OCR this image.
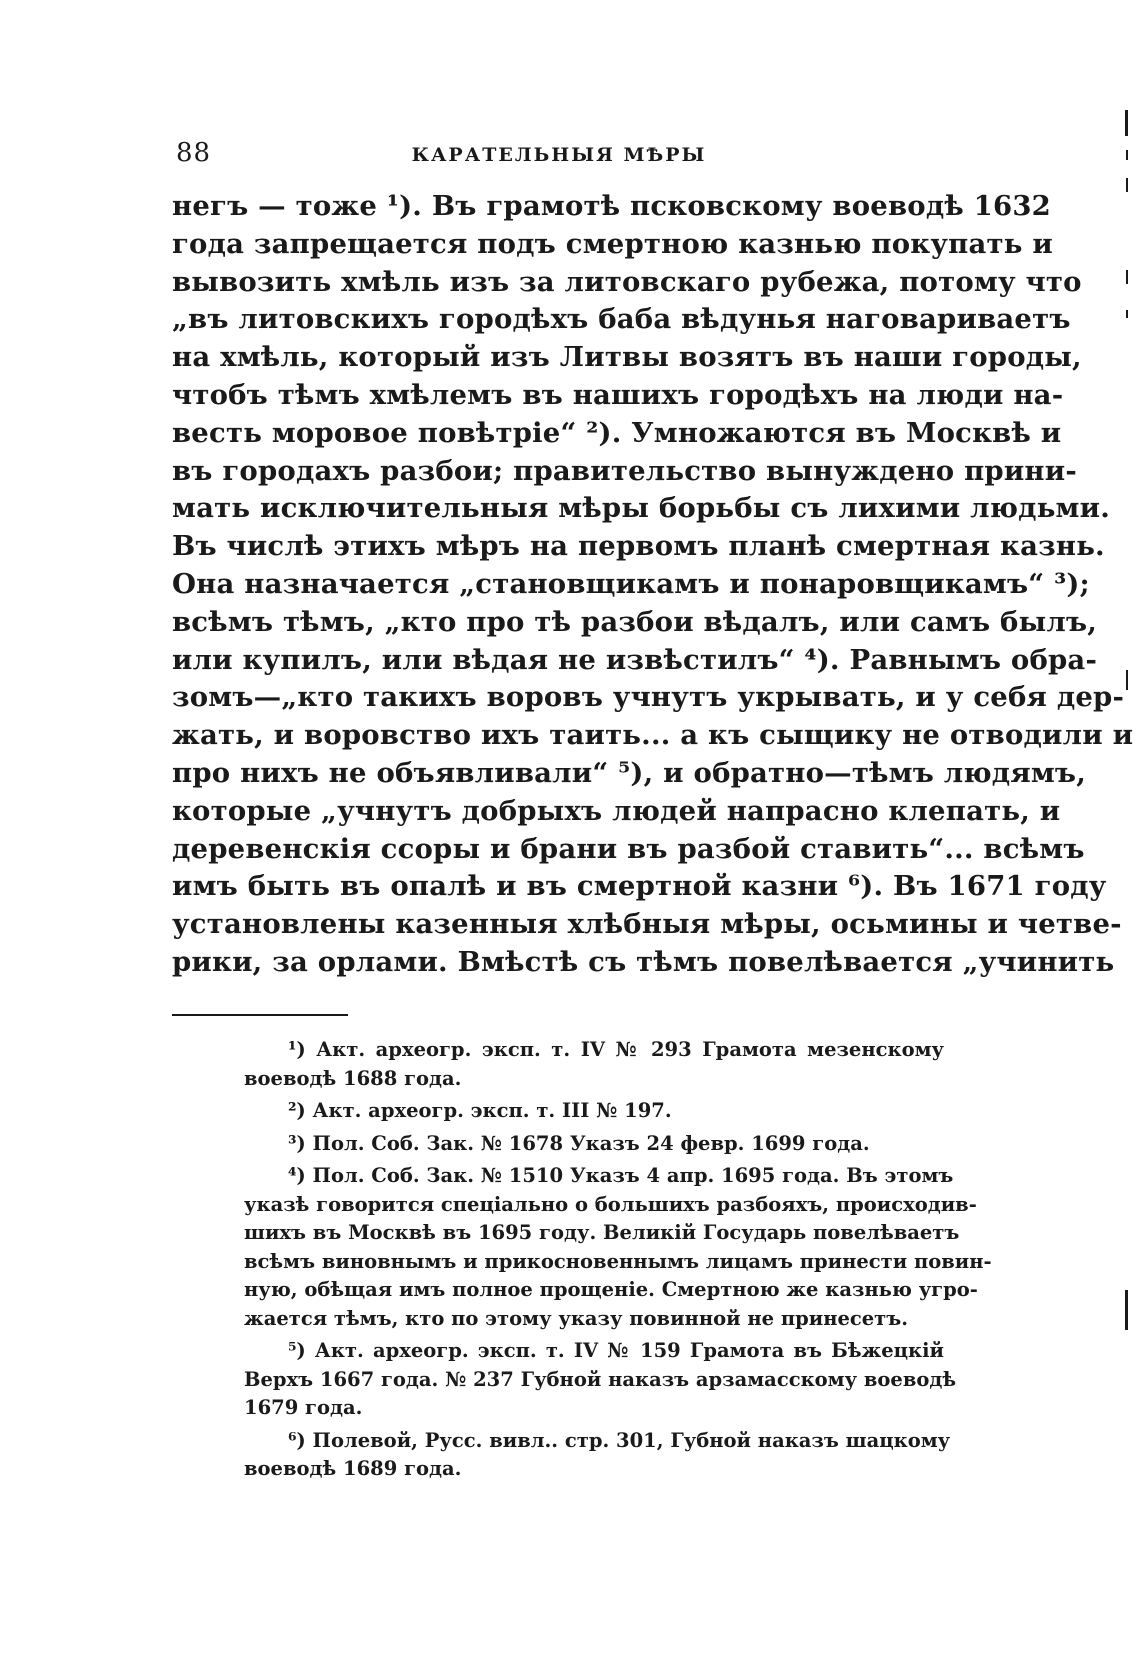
88	КАРАТЕЛЬНЫЯ МѢРЫ
негъ — тоже ¹). Въ грамотѣ псковскому воеводѣ 1632
года запрещается подъ смертною казнью покупать и
вывозить хмѣль изъ за литовскаго рубежа, потому что
„въ литовскихъ городѣхъ баба вѣдунья наговариваетъ
на хмѣль, который изъ Литвы возятъ въ наши городы,
чтобъ тѣмъ хмѣлемъ въ нашихъ городѣхъ на люди на-
весть моровое повѣтріе“ ²). Умножаются въ Москвѣ и
въ городахъ разбои; правительство вынуждено прини-
мать исключительныя мѣры борьбы съ лихими людьми.
Въ числѣ этихъ мѣръ на первомъ планѣ смертная казнь.
Она назначается „становщикамъ и понаровщикамъ“ ³);
всѣмъ тѣмъ, „кто про тѣ разбои вѣдалъ, или самъ былъ,
или купилъ, или вѣдая не извѣстилъ“ ⁴). Равнымъ обра-
зомъ—„кто такихъ воровъ учнутъ укрывать, и у себя дер-
жать, и воровство ихъ таить... а къ сыщику не отводили и
про нихъ не объявливали“ ⁵), и обратно—тѣмъ людямъ,
которые „учнутъ добрыхъ людей напрасно клепать, и
деревенскія ссоры и брани въ разбой ставить“... всѣмъ
имъ быть въ опалѣ и въ смертной казни ⁶). Въ 1671 году
установлены казенныя хлѣбныя мѣры, осьмины и четве-
рики, за орлами. Вмѣстѣ съ тѣмъ повелѣвается „учинить
¹) Акт. археогр. эксп. т. IV № 293 Грамота мезенскому
воеводѣ 1688 года.
²) Акт. археогр. эксп. т. III № 197.
³) Пол. Соб. Зак. № 1678 Указъ 24 февр. 1699 года.
⁴) Пол. Соб. Зак. № 1510 Указъ 4 апр. 1695 года. Въ этомъ
указѣ говорится спеціально о большихъ разбояхъ, происходив-
шихъ въ Москвѣ въ 1695 году. Великій Государь повелѣваетъ
всѣмъ виновнымъ и прикосновеннымъ лицамъ принести повин-
ную, обѣщая имъ полное прощеніе. Смертною же казнью угро-
жается тѣмъ, кто по этому указу повинной не принесетъ.
⁵) Акт. археогр. эксп. т. IV № 159 Грамота въ Бѣжецкій
Верхъ 1667 года. № 237 Губной наказъ арзамасскому воеводѣ
1679 года.
⁶) Полевой, Русс. вивл.. стр. 301, Губной наказъ шацкому
воеводѣ 1689 года.
